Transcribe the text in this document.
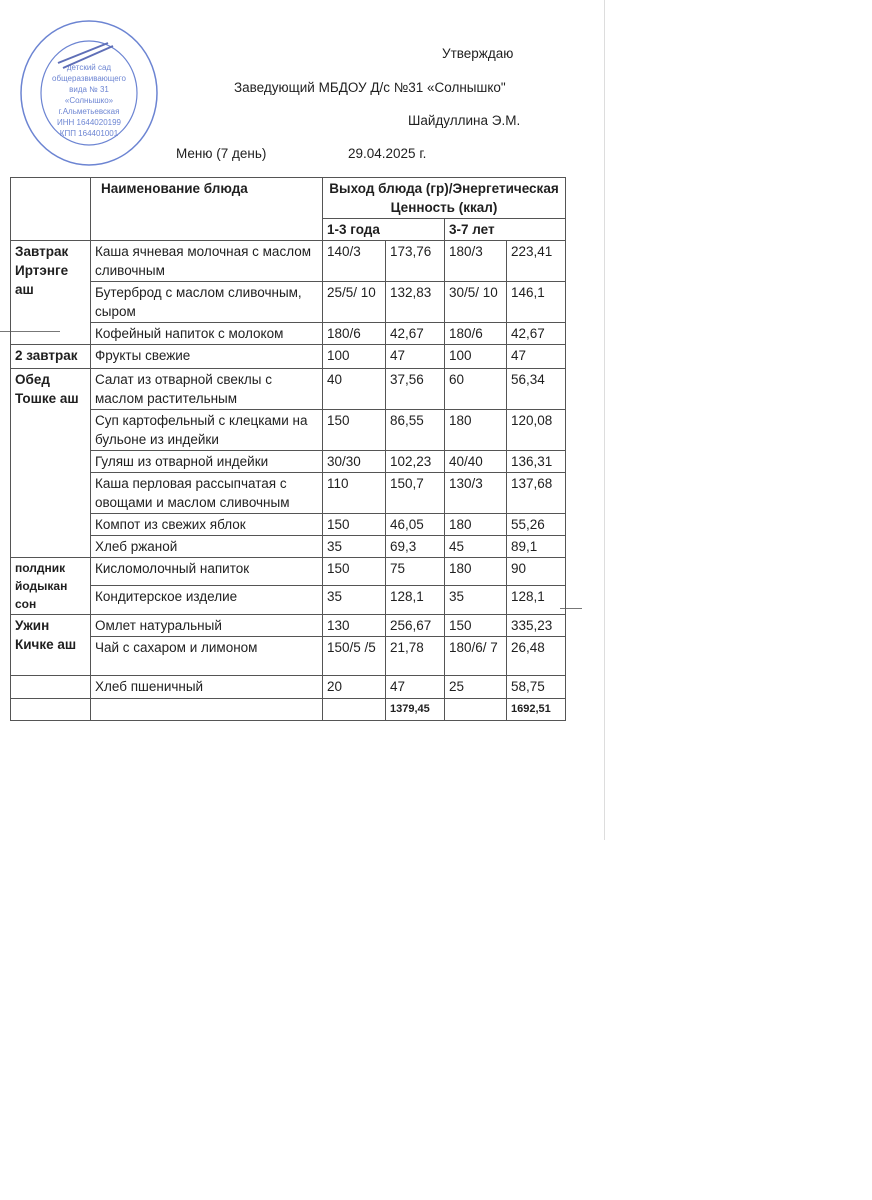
Утверждаю
Заведующий МБДОУ Д/с №31 «Солнышко"
Шайдуллина Э.М.
Меню (7 день)	29.04.2025 г.
	Наименование блюда	Выход блюда (гр)/Энергетическая Ценность (ккал)			
		1-3 года		3-7 лет	
Завтрак Иртэнге аш	Каша ячневая молочная с маслом сливочным	140/3	173,76	180/3	223,41
	Бутерброд с маслом сливочным, сыром	25/5/ 10	132,83	30/5/ 10	146,1
	Кофейный напиток с молоком	180/6	42,67	180/6	42,67
2 завтрак	Фрукты свежие	100	47	100	47
Обед Тошке аш	Салат из отварной свеклы с маслом растительным	40	37,56	60	56,34
	Суп картофельный с клецками на бульоне из индейки	150	86,55	180	120,08
	Гуляш из отварной индейки	30/30	102,23	40/40	136,31
	Каша перловая рассыпчатая с овощами и маслом сливочным	110	150,7	130/3	137,68
	Компот из свежих яблок	150	46,05	180	55,26
	Хлеб ржаной	35	69,3	45	89,1
полдник йодыкан сон	Кисломолочный напиток	150	75	180	90
	Кондитерское изделие	35	128,1	35	128,1
Ужин Кичке аш	Омлет натуральный	130	256,67	150	335,23
	Чай с сахаром и лимоном	150/5 /5	21,78	180/6/ 7	26,48
	Хлеб пшеничный	20	47	25	58,75
			1379,45		1692,51
детский сад
общеразвивающего
вида № 31
«Солнышко»
г.Альметьевская
ИНН 1644020199
КПП 164401001
